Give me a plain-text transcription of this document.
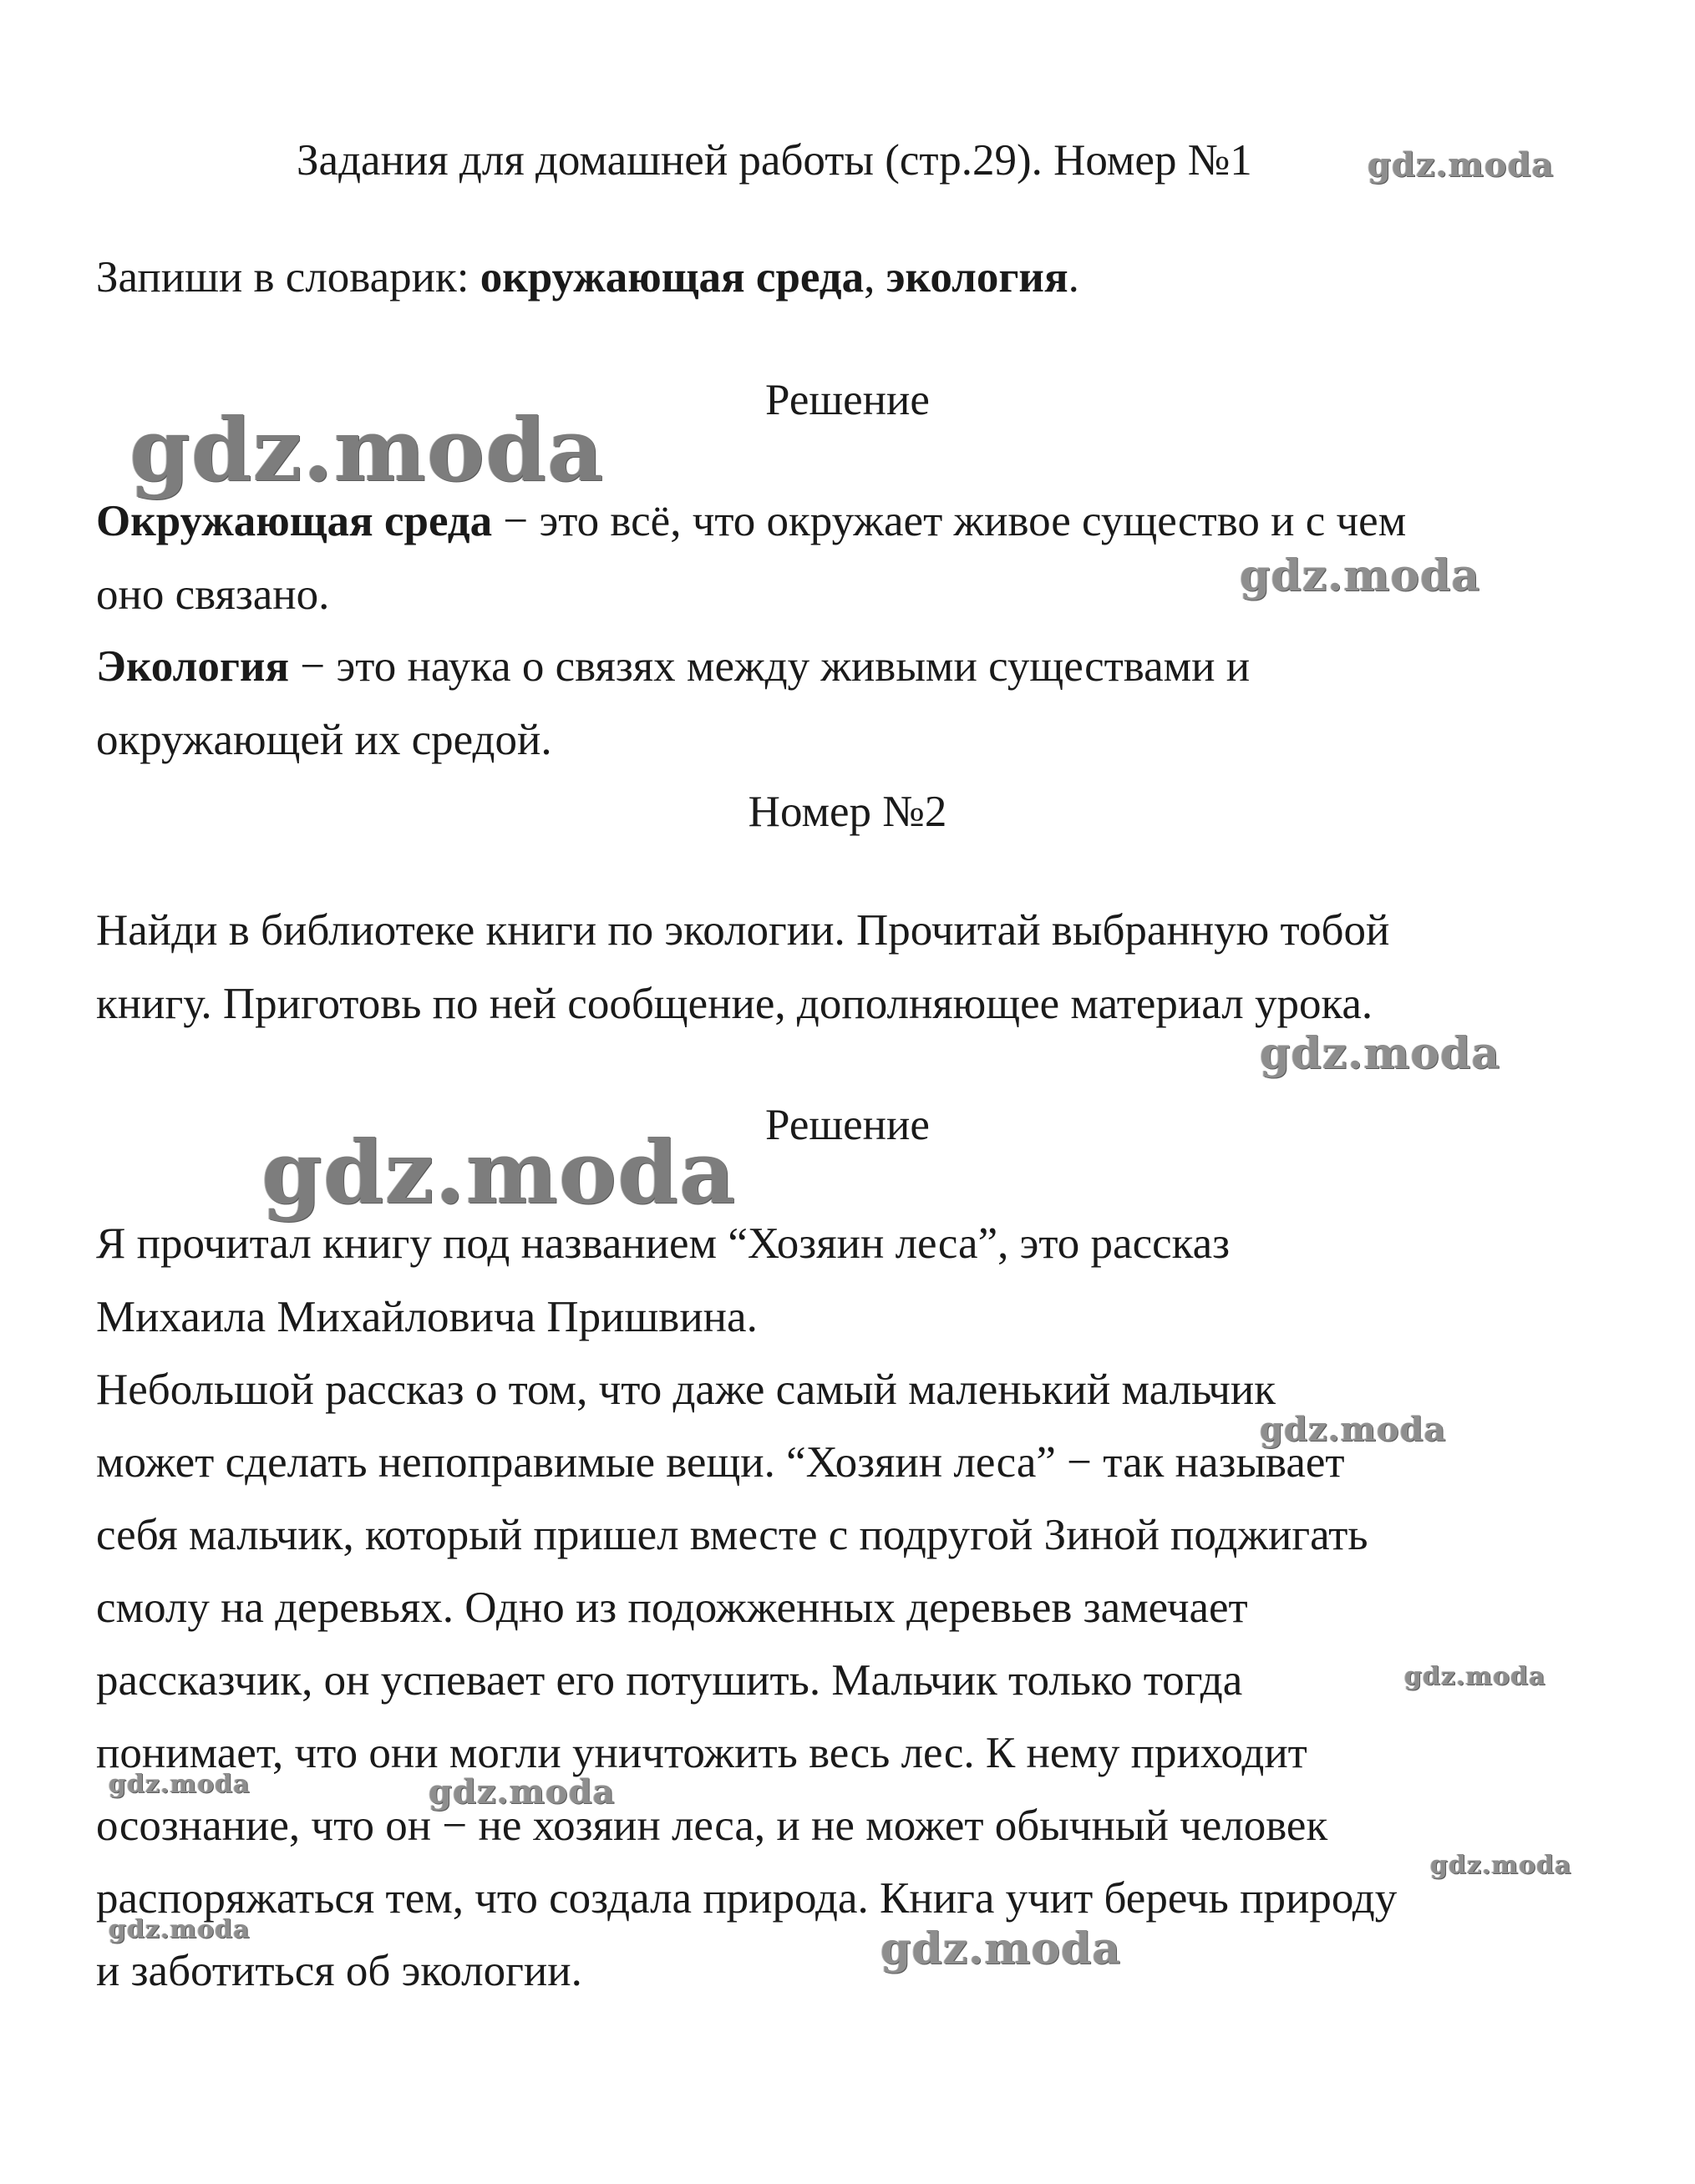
Задания для домашней работы (стр.29). Номер №1

Запиши в словарик: окружающая среда, экология.

Решение

Окружающая среда − это всё, что окружает живое существо и с чем

оно связано.

Экология − это наука о связях между живыми существами и

окружающей их средой.

Номер №2

Найди в библиотеке книги по экологии. Прочитай выбранную тобой

книгу. Приготовь по ней сообщение, дополняющее материал урока.

Решение

Я прочитал книгу под названием “Хозяин леса”, это рассказ

Михаила Михайловича Пришвина.

Небольшой рассказ о том, что даже самый маленький мальчик

может сделать непоправимые вещи. “Хозяин леса” − так называет

себя мальчик, который пришел вместе с подругой Зиной поджигать

смолу на деревьях. Одно из подожженных деревьев замечает

рассказчик, он успевает его потушить. Мальчик только тогда

понимает, что они могли уничтожить весь лес. К нему приходит

осознание, что он − не хозяин леса, и не может обычный человек

распоряжаться тем, что создала природа. Книга учит беречь природу

и заботиться об экологии.

gdz.moda
gdz.moda
gdz.moda
gdz.moda
gdz.moda
gdz.moda
gdz.moda
gdz.moda	gdz.moda
gdz.moda
gdz.moda	gdz.moda
